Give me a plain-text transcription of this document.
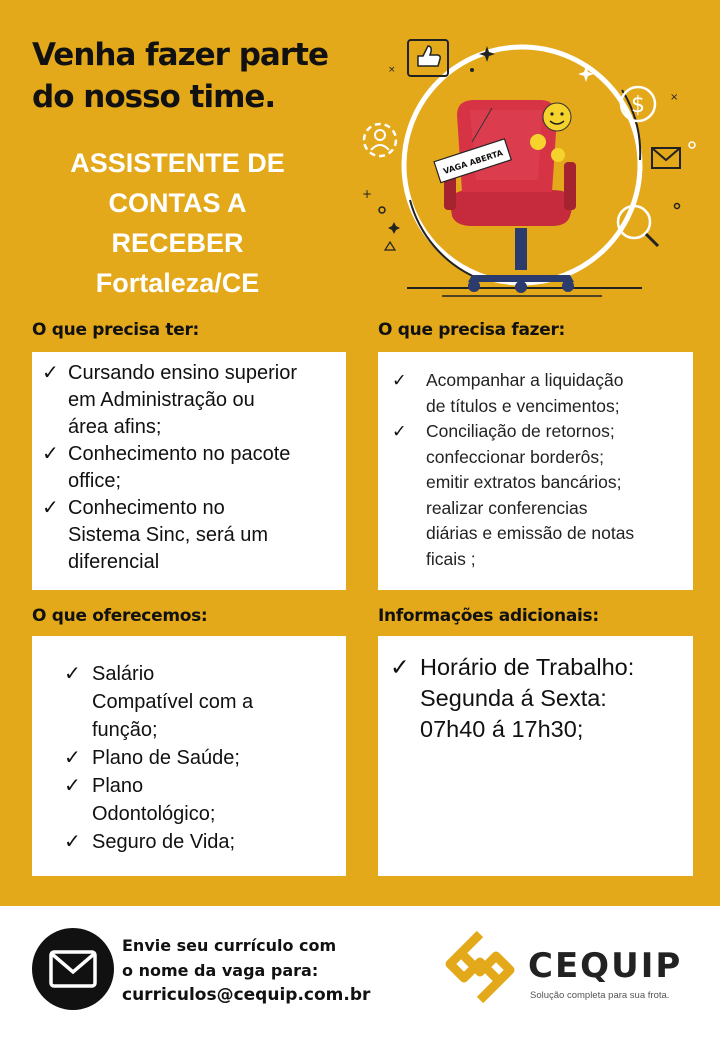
Venha fazer parte
do nosso time.
ASSISTENTE DE
CONTAS A
RECEBER
Fortaleza/CE
VAGA ABERTA
$
×
×
+
O que precisa ter:
✓ Cursando ensino superior
em Administração ou
área afins;
✓ Conhecimento no pacote
office;
✓ Conhecimento no
Sistema Sinc, será um
diferencial
O que precisa fazer:
✓ Acompanhar a liquidação
de títulos e vencimentos;
✓ Conciliação de retornos;
confeccionar borderôs;
emitir extratos bancários;
realizar conferencias
diárias e emissão de notas
ficais ;
O que oferecemos:
✓ Salário
Compatível com a
função;
✓ Plano de Saúde;
✓ Plano
Odontológico;
✓ Seguro de Vida;
Informações adicionais:
✓ Horário de Trabalho:
Segunda á Sexta:
07h40 á 17h30;
Envie seu currículo com
o nome da vaga para:
curriculos@cequip.com.br
CEQUIP
Solução completa para sua frota.
